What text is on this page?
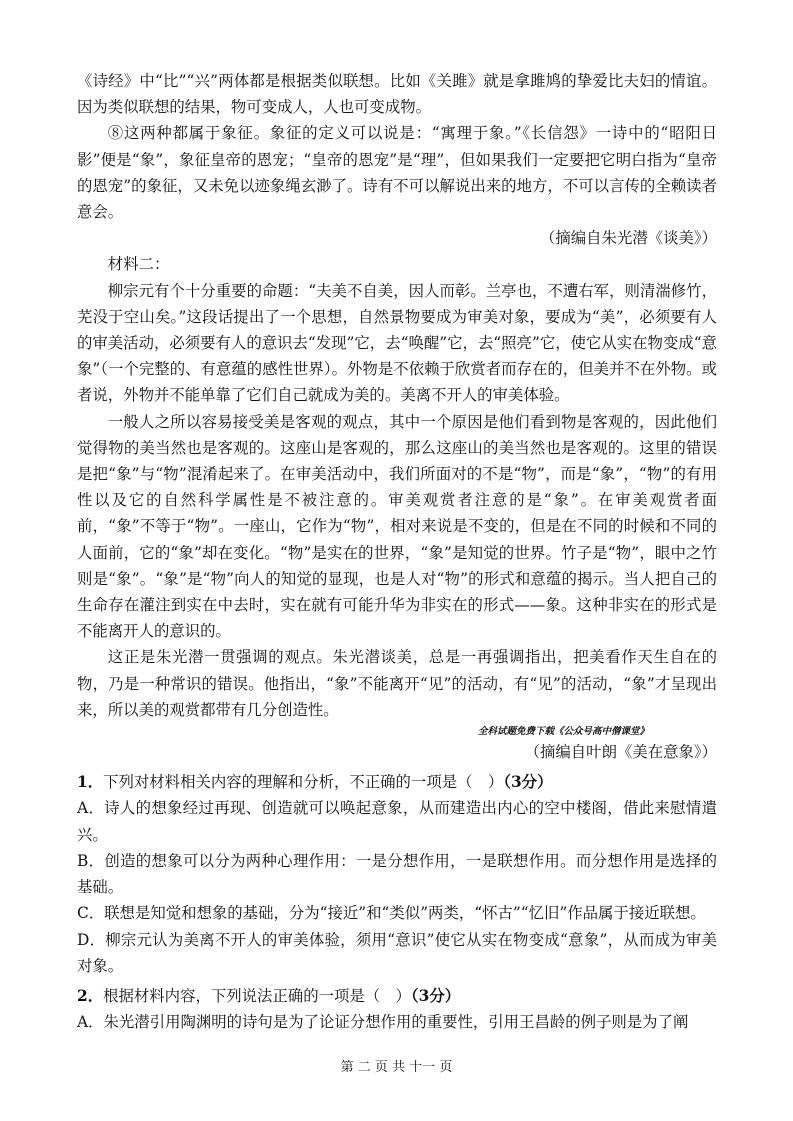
《诗经》中“比”“兴”两体都是根据类似联想。比如《关雎》就是拿雎鸠的挚爱比夫妇的情谊。因为类似联想的结果，物可变成人，人也可变成物。

⑧这两种都属于象征。象征的定义可以说是：“寓理于象。”《长信怨》一诗中的“昭阳日影”便是“象”，象征皇帝的恩宠；“皇帝的恩宠”是“理”，但如果我们一定要把它明白指为“皇帝的恩宠”的象征，又未免以迹象绳玄渺了。诗有不可以解说出来的地方，不可以言传的全赖读者意会。

（摘编自朱光潜《谈美》）

材料二：

柳宗元有个十分重要的命题：“夫美不自美，因人而彰。兰亭也，不遭右军，则清湍修竹，芜没于空山矣。”这段话提出了一个思想，自然景物要成为审美对象，要成为“美”，必须要有人的审美活动，必须要有人的意识去“发现”它，去“唤醒”它，去“照亮”它，使它从实在物变成“意象”（一个完整的、有意蕴的感性世界）。外物是不依赖于欣赏者而存在的，但美并不在外物。或者说，外物并不能单靠了它们自己就成为美的。美离不开人的审美体验。

一般人之所以容易接受美是客观的观点，其中一个原因是他们看到物是客观的，因此他们觉得物的美当然也是客观的。这座山是客观的，那么这座山的美当然也是客观的。这里的错误是把“象”与“物”混淆起来了。在审美活动中，我们所面对的不是“物”，而是“象”，“物”的有用性以及它的自然科学属性是不被注意的。审美观赏者注意的是“象”。在审美观赏者面前，“象”不等于“物”。一座山，它作为“物”，相对来说是不变的，但是在不同的时候和不同的人面前，它的“象”却在变化。“物”是实在的世界，“象”是知觉的世界。竹子是“物”，眼中之竹则是“象”。“象”是“物”向人的知觉的显现，也是人对“物”的形式和意蕴的揭示。当人把自己的生命存在灌注到实在中去时，实在就有可能升华为非实在的形式——象。这种非实在的形式是不能离开人的意识的。

这正是朱光潜一贯强调的观点。朱光潜谈美，总是一再强调指出，把美看作天生自在的物，乃是一种常识的错误。他指出，“象”不能离开“见”的活动，有“见”的活动，“象”才呈现出来，所以美的观赏都带有几分创造性。

全科试题免费下载《公众号高中僧课堂》

（摘编自叶朗《美在意象》）

1．下列对材料相关内容的理解和分析，不正确的一项是（　）（3分）

A．诗人的想象经过再现、创造就可以唤起意象，从而建造出内心的空中楼阁，借此来慰情遣兴。

B．创造的想象可以分为两种心理作用：一是分想作用，一是联想作用。而分想作用是选择的基础。

C．联想是知觉和想象的基础，分为“接近”和“类似”两类，“怀古”“忆旧”作品属于接近联想。

D．柳宗元认为美离不开人的审美体验，须用“意识”使它从实在物变成“意象”，从而成为审美对象。

2．根据材料内容，下列说法正确的一项是（　）（3分）

A．朱光潜引用陶渊明的诗句是为了论证分想作用的重要性，引用王昌龄的例子则是为了阐

第 二 页 共 十一 页
